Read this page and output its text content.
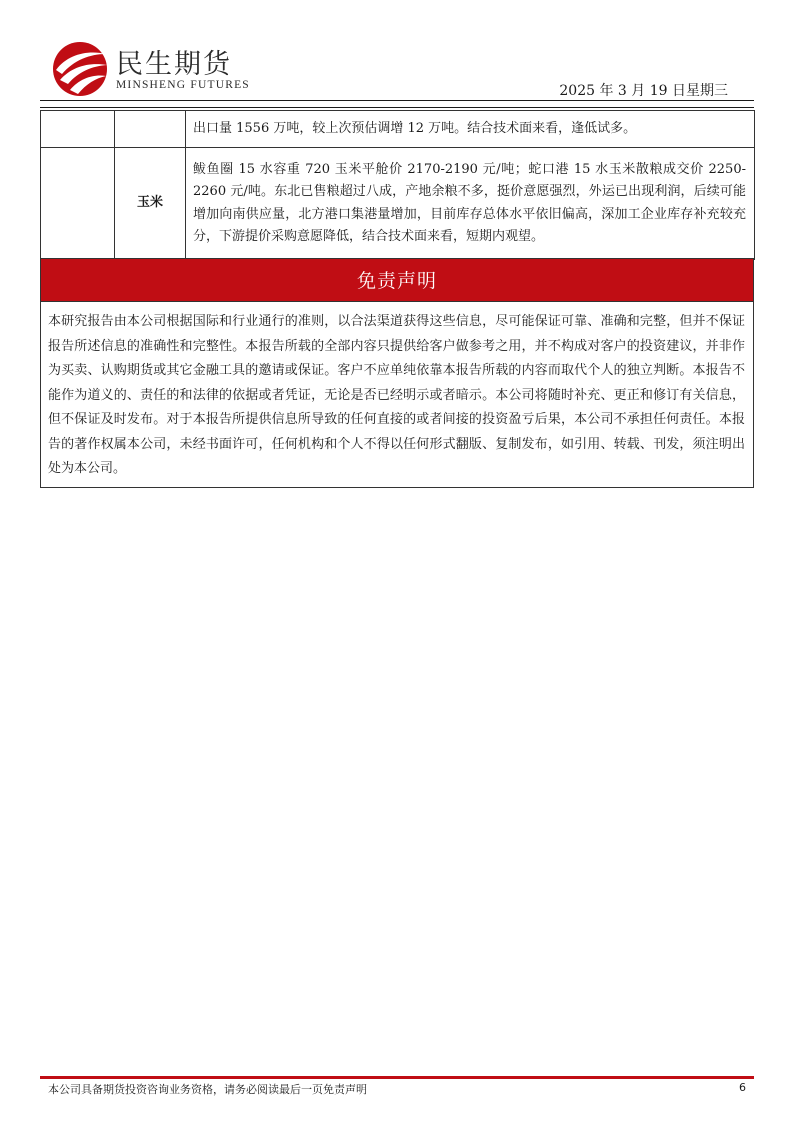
民生期货
MINSHENG FUTURES	2025 年 3 月 19 日星期三

		出口量 1556 万吨，较上次预估调增 12 万吨。结合技术面来看，逢低试多。

	玉米	鲅鱼圈 15 水容重 720 玉米平舱价 2170-2190 元/吨；蛇口港 15 水玉米散粮成交价 2250-2260 元/吨。东北已售粮超过八成，产地余粮不多，挺价意愿强烈，外运已出现利润，后续可能增加向南供应量，北方港口集港量增加，目前库存总体水平依旧偏高，深加工企业库存补充较充分，下游提价采购意愿降低，结合技术面来看，短期内观望。
免责声明
本研究报告由本公司根据国际和行业通行的准则，以合法渠道获得这些信息，尽可能保证可靠、准确和完整，但并不保证报告所述信息的准确性和完整性。本报告所载的全部内容只提供给客户做参考之用，并不构成对客户的投资建议，并非作为买卖、认购期货或其它金融工具的邀请或保证。客户不应单纯依靠本报告所载的内容而取代个人的独立判断。本报告不能作为道义的、责任的和法律的依据或者凭证，无论是否已经明示或者暗示。本公司将随时补充、更正和修订有关信息，但不保证及时发布。对于本报告所提供信息所导致的任何直接的或者间接的投资盈亏后果，本公司不承担任何责任。本报告的著作权属本公司，未经书面许可，任何机构和个人不得以任何形式翻版、复制发布，如引用、转载、刊发，须注明出处为本公司。
本公司具备期货投资咨询业务资格，请务必阅读最后一页免责声明	6
